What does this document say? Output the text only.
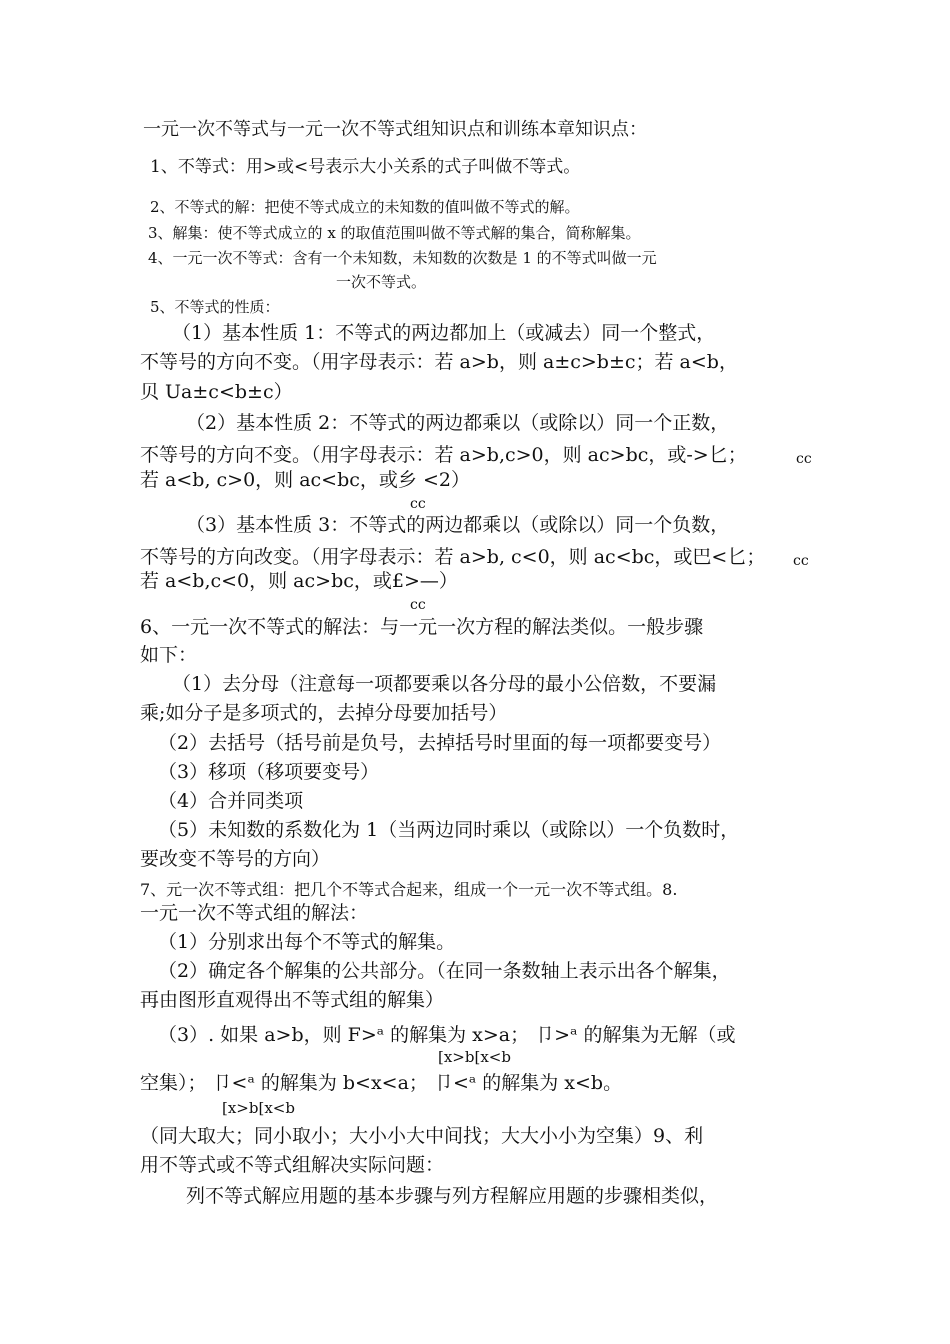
一元一次不等式与一元一次不等式组知识点和训练本章知识点：
1、不等式：用>或<号表示大小关系的式子叫做不等式。
2、不等式的解：把使不等式成立的未知数的值叫做不等式的解。
3、解集：使不等式成立的 x 的取值范围叫做不等式解的集合，简称解集。
4、一元一次不等式：含有一个未知数，未知数的次数是 1 的不等式叫做一元
一次不等式。
5、不等式的性质：
（1）基本性质 1：不等式的两边都加上（或减去）同一个整式，
不等号的方向不变。（用字母表示：若 a>b，则 a±c>b±c；若 a<b，
贝 Ua±c<b±c）
（2）基本性质 2：不等式的两边都乘以（或除以）同一个正数，
不等号的方向不变。（用字母表示：若 a>b,c>0，则 ac>bc，或->匕；	cc
若 a<b, c>0，则 ac<bc，或乡 <2）
cc
（3）基本性质 3：不等式的两边都乘以（或除以）同一个负数，
不等号的方向改变。（用字母表示：若 a>b, c<0，则 ac<bc，或巴<匕； cc
若 a<b,c<0，则 ac>bc，或£>—）
cc
6、一元一次不等式的解法：与一元一次方程的解法类似。一般步骤
如下：
（1）去分母（注意每一项都要乘以各分母的最小公倍数，不要漏
乘;如分子是多项式的，去掉分母要加括号）
（2）去括号（括号前是负号，去掉括号时里面的每一项都要变号）
（3）移项（移项要变号）
（4）合并同类项
（5）未知数的系数化为 1（当两边同时乘以（或除以）一个负数时，
要改变不等号的方向）
7、元一次不等式组：把几个不等式合起来，组成一个一元一次不等式组。8.
一元一次不等式组的解法：
（1）分别求出每个不等式的解集。
（2）确定各个解集的公共部分。（在同一条数轴上表示出各个解集，
再由图形直观得出不等式组的解集）
（3）. 如果 a>b，则 F>ᵃ 的解集为 x>a； 卩>ᵃ 的解集为无解（或
[x>b[x<b
空集）； 卩<ᵃ 的解集为 b<x<a； 卩<ᵃ 的解集为 x<b。
[x>b[x<b
（同大取大；同小取小；大小小大中间找；大大小小为空集）9、利
用不等式或不等式组解决实际问题：
列不等式解应用题的基本步骤与列方程解应用题的步骤相类似，
